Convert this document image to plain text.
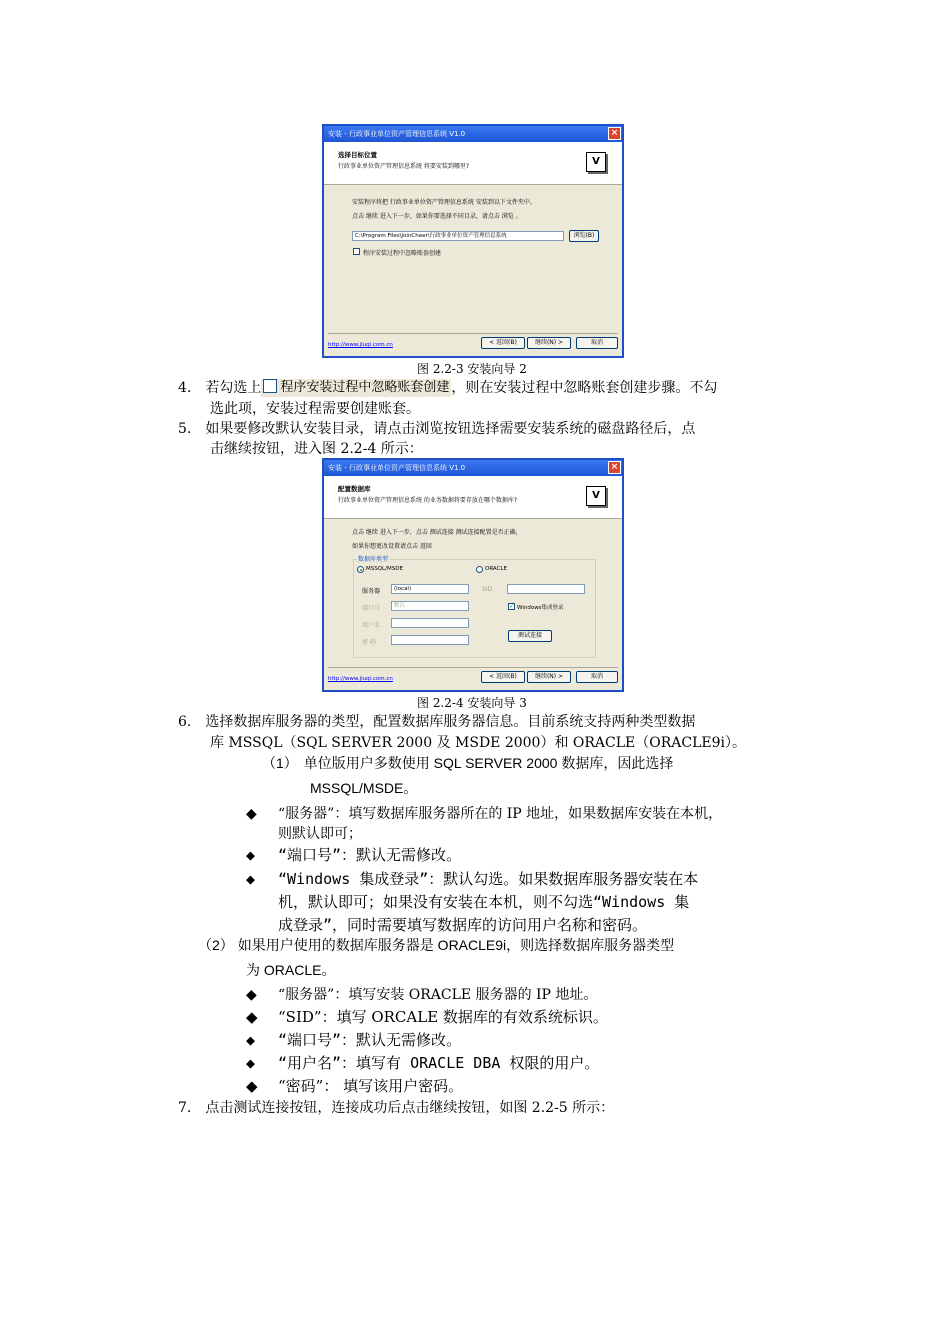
安装 - 行政事业单位资产管理信息系统 V1.0	×
选择目标位置
行政事业单位资产管理信息系统 将要安装到哪里?	V
安装程序将把 行政事业单位资产管理信息系统 安装到以下文件夹中。
点击 继续 进入下一步，如果你要选择不同目录，请点击 浏览 。
C:\Program Files\JoinCheer\行政事业单位资产管理信息系统	浏览(B)
程序安装过程中忽略账套创建
http://www.jiuqi.com.cn	< 返回(B)	继续(N) >	取消
图 2.2-3 安装向导 2
4. 若勾选上 程序安装过程中忽略账套创建 ，则在安装过程中忽略账套创建步骤。不勾
选此项，安装过程需要创建账套。
5. 如果要修改默认安装目录，请点击浏览按钮选择需要安装系统的磁盘路径后，点
击继续按钮，进入图 2.2-4 所示：
安装 - 行政事业单位资产管理信息系统 V1.0	×
配置数据库
行政事业单位资产管理信息系统 的业务数据将要存放在哪个数据库?	V
点击 继续 进入下一步，点击 测试连接 测试连接配置是否正确，
如果你想更改设置请点击 返回
数据库类型
MSSQL/MSDE	ORACLE
服务器	(local)	SID
端口号	默认	✓ Windows集成登录
用户名
测试连接
密 码
http://www.jiuqi.com.cn	< 返回(B)	继续(N) >	取消
图 2.2-4 安装向导 3
6. 选择数据库服务器的类型，配置数据库服务器信息。目前系统支持两种类型数据
库 MSSQL（SQL SERVER 2000 及 MSDE 2000）和 ORACLE（ORACLE9i）。
（1） 单位版用户多数使用 SQL SERVER 2000 数据库，因此选择
MSSQL/MSDE。
◆ “服务器”：填写数据库服务器所在的 IP 地址，如果数据库安装在本机，
则默认即可；
◆ “端口号”：默认无需修改。
◆ “Windows 集成登录”：默认勾选。如果数据库服务器安装在本
机，默认即可；如果没有安装在本机，则不勾选“Windows 集
成登录”，同时需要填写数据库的访问用户名称和密码。
（2） 如果用户使用的数据库服务器是 ORACLE9i，则选择数据库服务器类型
为 ORACLE。
◆ “服务器”：填写安装 ORACLE 服务器的 IP 地址。
◆ “SID”：填写 ORCALE 数据库的有效系统标识。
◆ “端口号”：默认无需修改。
◆ “用户名”：填写有 ORACLE DBA 权限的用户。
◆ “密码”： 填写该用户密码。
7. 点击测试连接按钮，连接成功后点击继续按钮，如图 2.2-5 所示：
